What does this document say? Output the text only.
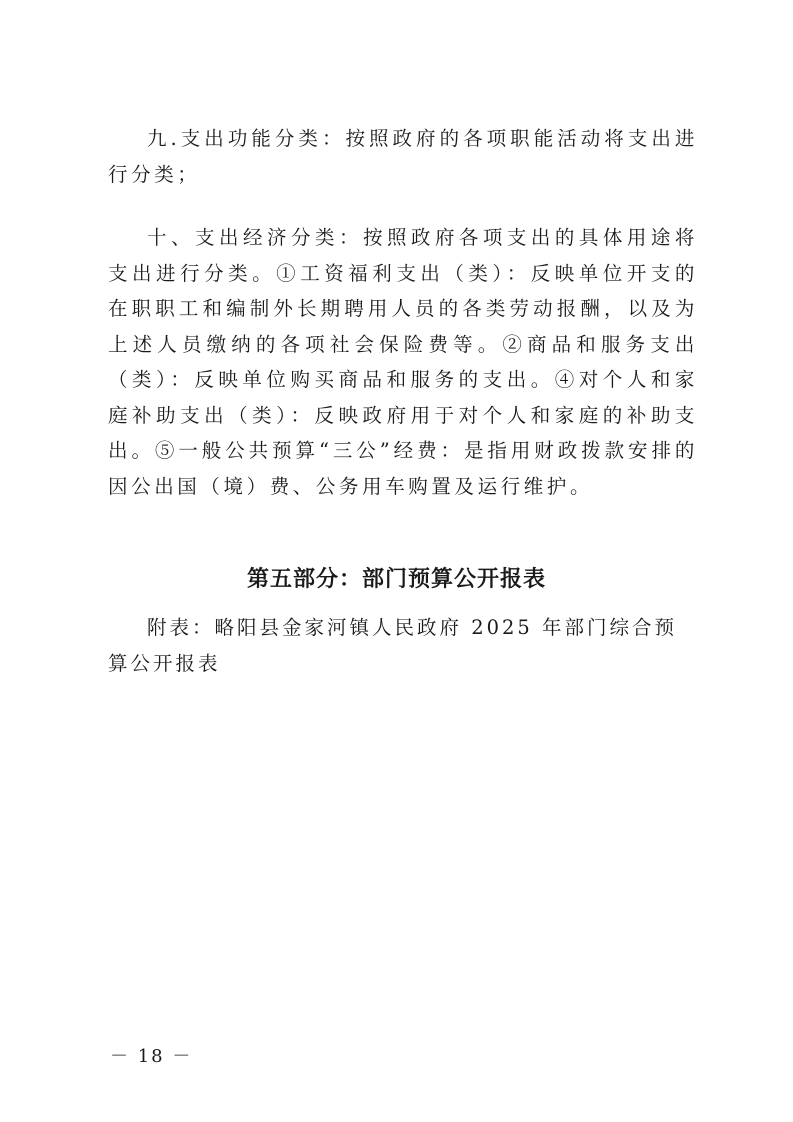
九.支出功能分类：按照政府的各项职能活动将支出进行分类；

十、支出经济分类：按照政府各项支出的具体用途将支出进行分类。①工资福利支出（类）：反映单位开支的在职职工和编制外长期聘用人员的各类劳动报酬，以及为上述人员缴纳的各项社会保险费等。②商品和服务支出（类）：反映单位购买商品和服务的支出。④对个人和家庭补助支出（类）：反映政府用于对个人和家庭的补助支出。⑤一般公共预算“三公”经费：是指用财政拨款安排的因公出国（境）费、公务用车购置及运行维护。

第五部分：部门预算公开报表

附表：略阳县金家河镇人民政府 2025 年部门综合预算公开报表

－ 18 －
